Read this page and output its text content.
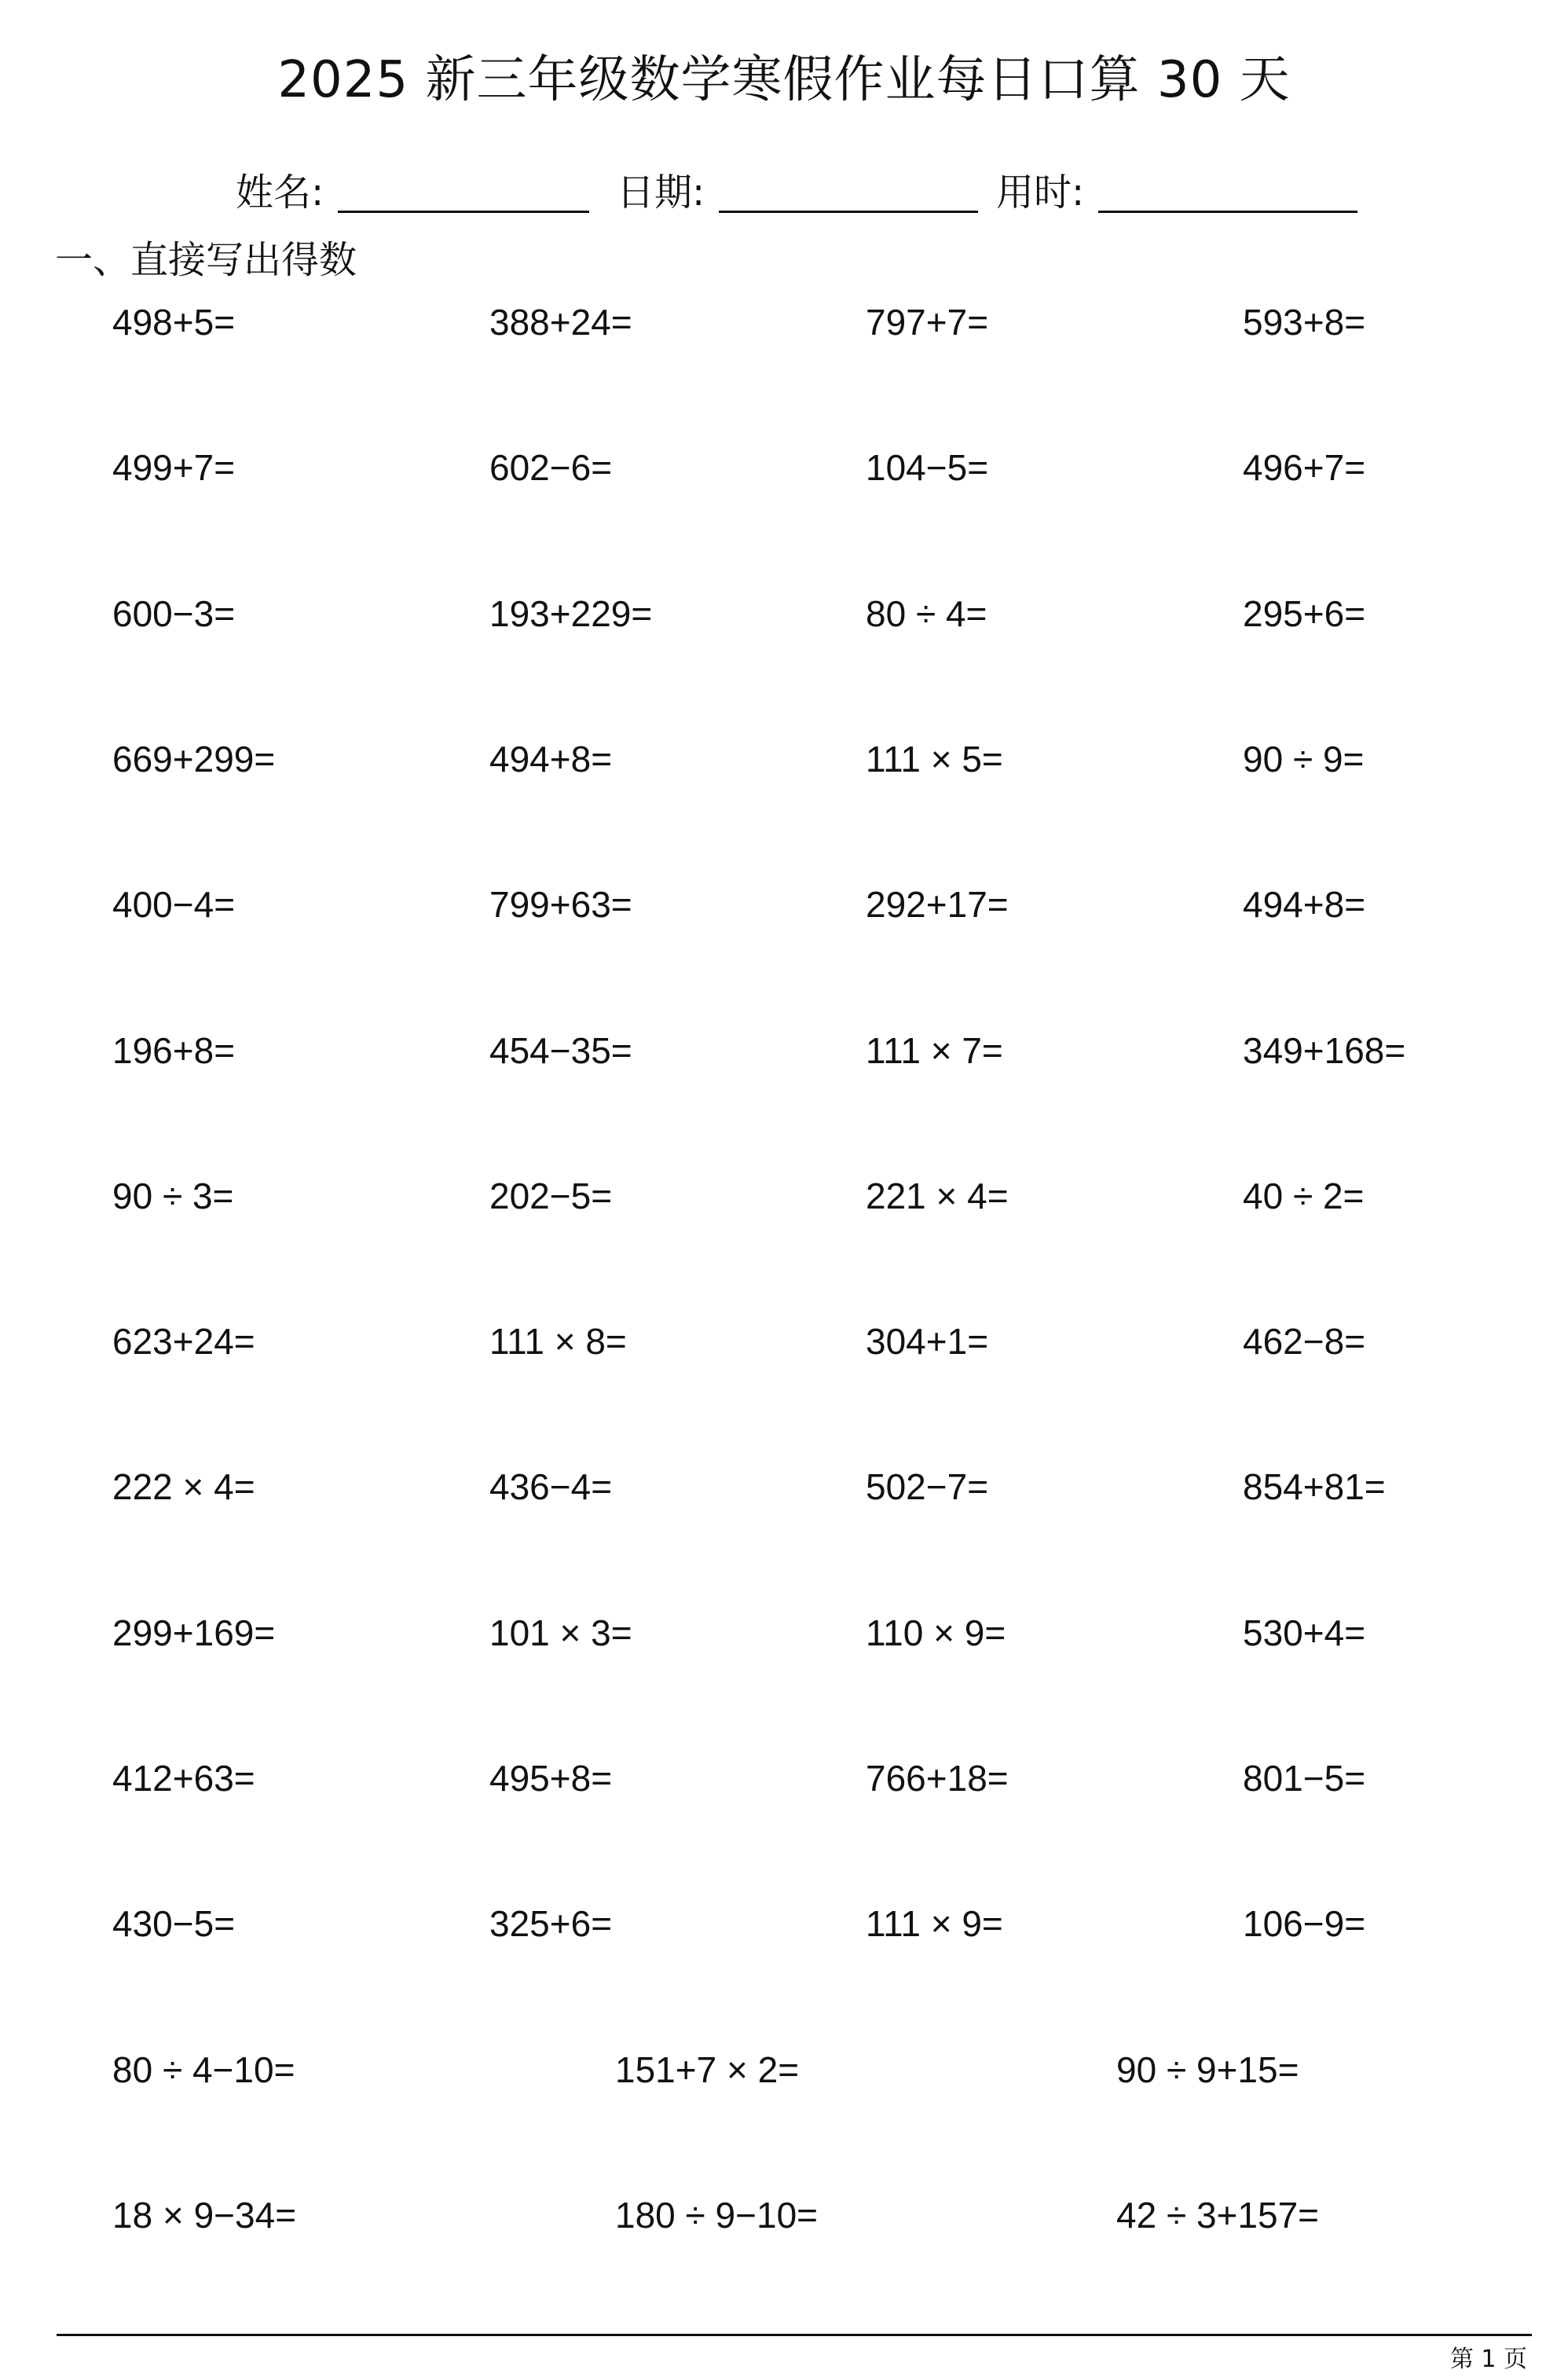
2025 新三年级数学寒假作业每日口算 30 天
姓名:	日期:	用时:
一、直接写出得数
498+5=	388+24=	797+7=	593+8=
499+7=	602−6=	104−5=	496+7=
600−3=	193+229=	80 ÷ 4=	295+6=
669+299=	494+8=	111 × 5=	90 ÷ 9=
400−4=	799+63=	292+17=	494+8=
196+8=	454−35=	111 × 7=	349+168=
90 ÷ 3=	202−5=	221 × 4=	40 ÷ 2=
623+24=	111 × 8=	304+1=	462−8=
222 × 4=	436−4=	502−7=	854+81=
299+169=	101 × 3=	110 × 9=	530+4=
412+63=	495+8=	766+18=	801−5=
430−5=	325+6=	111 × 9=	106−9=
80 ÷ 4−10=	151+7 × 2=	90 ÷ 9+15=
18 × 9−34=	180 ÷ 9−10=	42 ÷ 3+157=
第 1 页
